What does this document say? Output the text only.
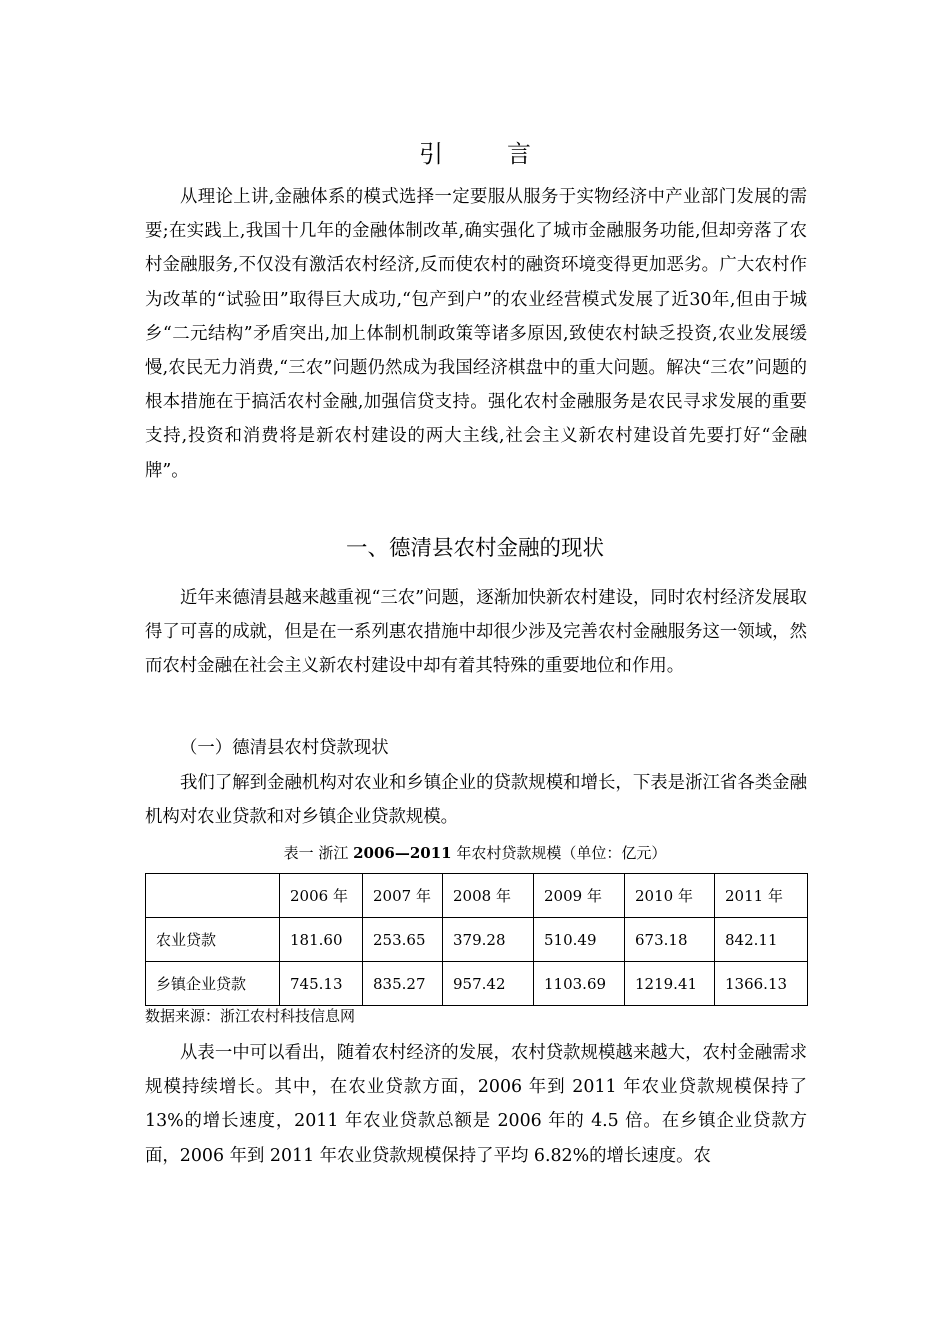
引　言

从理论上讲,金融体系的模式选择一定要服从服务于实物经济中产业部门发展的需要;在实践上,我国十几年的金融体制改革,确实强化了城市金融服务功能,但却旁落了农村金融服务,不仅没有激活农村经济,反而使农村的融资环境变得更加恶劣。广大农村作为改革的“试验田”取得巨大成功,“包产到户”的农业经营模式发展了近30年,但由于城乡“二元结构”矛盾突出,加上体制机制政策等诸多原因,致使农村缺乏投资,农业发展缓慢,农民无力消费,“三农”问题仍然成为我国经济棋盘中的重大问题。解决“三农”问题的根本措施在于搞活农村金融,加强信贷支持。强化农村金融服务是农民寻求发展的重要支持,投资和消费将是新农村建设的两大主线,社会主义新农村建设首先要打好“金融牌”。

一、德清县农村金融的现状

近年来德清县越来越重视“三农”问题，逐渐加快新农村建设，同时农村经济发展取得了可喜的成就，但是在一系列惠农措施中却很少涉及完善农村金融服务这一领域，然而农村金融在社会主义新农村建设中却有着其特殊的重要地位和作用。

（一）德清县农村贷款现状

我们了解到金融机构对农业和乡镇企业的贷款规模和增长，下表是浙江省各类金融机构对农业贷款和对乡镇企业贷款规模。

表一 浙江 2006—2011 年农村贷款规模（单位：亿元）
	2006 年	2007 年	2008 年	2009 年	2010 年	2011 年
农业贷款	181.60	253.65	379.28	510.49	673.18	842.11
乡镇企业贷款	745.13	835.27	957.42	1103.69	1219.41	1366.13
数据来源：浙江农村科技信息网

从表一中可以看出，随着农村经济的发展，农村贷款规模越来越大，农村金融需求规模持续增长。其中，在农业贷款方面，2006 年到 2011 年农业贷款规模保持了 13%的增长速度，2011 年农业贷款总额是 2006 年的 4.5 倍。在乡镇企业贷款方面，2006 年到 2011 年农业贷款规模保持了平均 6.82%的增长速度。农
